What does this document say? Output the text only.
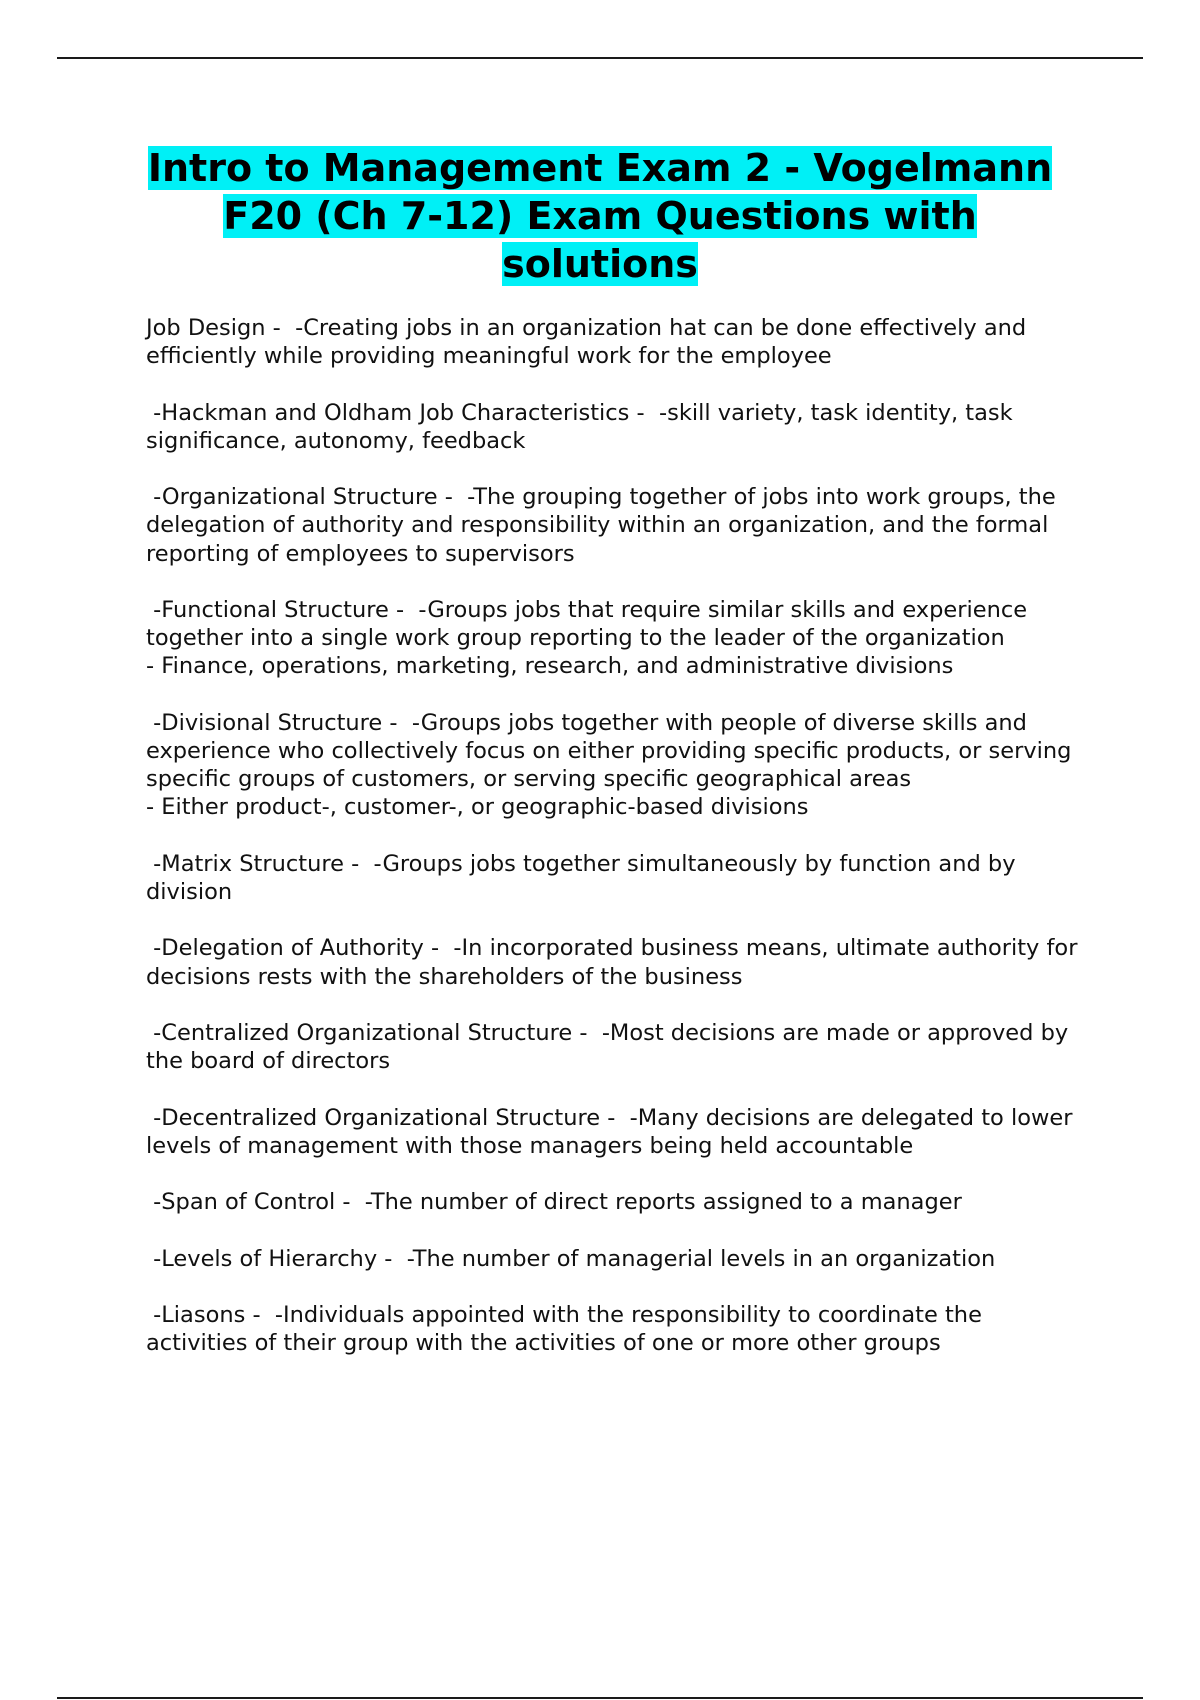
Intro to Management Exam 2 - Vogelmann F20 (Ch 7-12) Exam Questions with solutions
Job Design -  -Creating jobs in an organization hat can be done effectively and efficiently while providing meaningful work for the employee
-Hackman and Oldham Job Characteristics -  -skill variety, task identity, task significance, autonomy, feedback
-Organizational Structure -  -The grouping together of jobs into work groups, the delegation of authority and responsibility within an organization, and the formal reporting of employees to supervisors
-Functional Structure -  -Groups jobs that require similar skills and experience together into a single work group reporting to the leader of the organization
- Finance, operations, marketing, research, and administrative divisions
-Divisional Structure -  -Groups jobs together with people of diverse skills and experience who collectively focus on either providing specific products, or serving specific groups of customers, or serving specific geographical areas
- Either product-, customer-, or geographic-based divisions
-Matrix Structure -  -Groups jobs together simultaneously by function and by division
-Delegation of Authority -  -In incorporated business means, ultimate authority for decisions rests with the shareholders of the business
-Centralized Organizational Structure -  -Most decisions are made or approved by the board of directors
-Decentralized Organizational Structure -  -Many decisions are delegated to lower levels of management with those managers being held accountable
-Span of Control -  -The number of direct reports assigned to a manager
-Levels of Hierarchy -  -The number of managerial levels in an organization
-Liasons -  -Individuals appointed with the responsibility to coordinate the activities of their group with the activities of one or more other groups
